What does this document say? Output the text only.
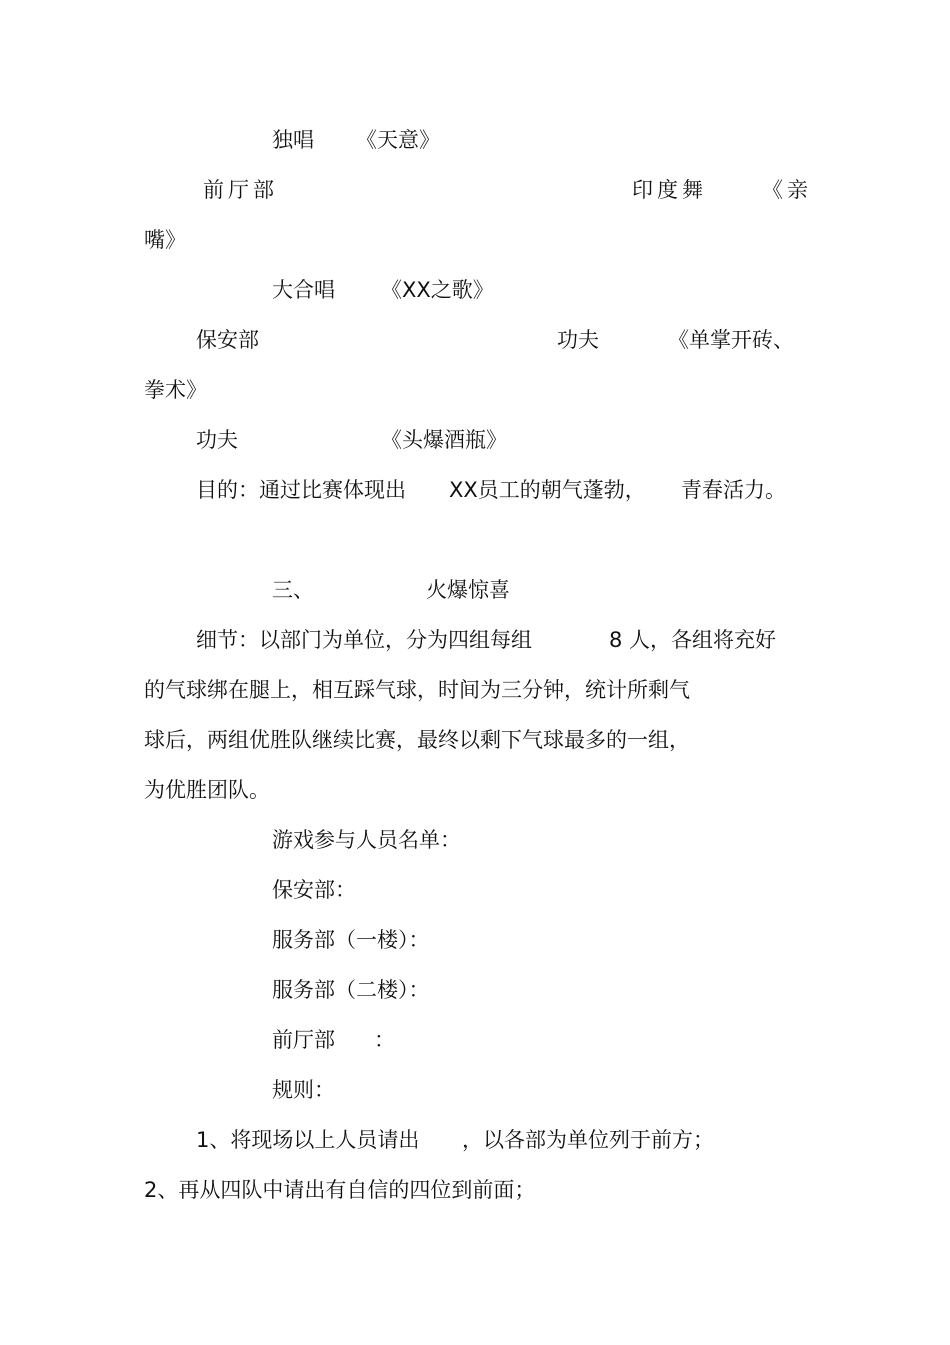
独唱 《天意》

前厅部	印度舞	《亲

嘴》

大合唱 《XX之歌》

保安部	功夫	《单掌开砖、

拳术》

功夫	《头爆酒瓶》

目的：通过比赛体现出 XX员工的朝气蓬勃， 青春活力。

三、	火爆惊喜

细节：以部门为单位，分为四组每组	8 人，各组将充好

的气球绑在腿上，相互踩气球，时间为三分钟，统计所剩气

球后，两组优胜队继续比赛，最终以剩下气球最多的一组，

为优胜团队。

游戏参与人员名单：

保安部：

服务部（一楼）：

服务部（二楼）：

前厅部 ：

规则：

1、将现场以上人员请出 ，以各部为单位列于前方；

2、再从四队中请出有自信的四位到前面；
